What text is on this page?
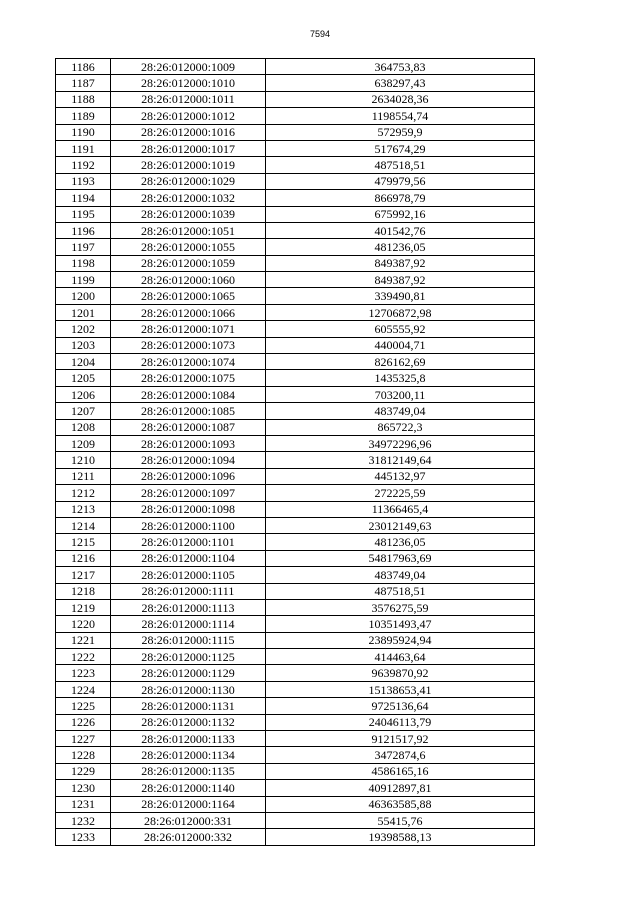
7594
1186	28:26:012000:1009	364753,83
1187	28:26:012000:1010	638297,43
1188	28:26:012000:1011	2634028,36
1189	28:26:012000:1012	1198554,74
1190	28:26:012000:1016	572959,9
1191	28:26:012000:1017	517674,29
1192	28:26:012000:1019	487518,51
1193	28:26:012000:1029	479979,56
1194	28:26:012000:1032	866978,79
1195	28:26:012000:1039	675992,16
1196	28:26:012000:1051	401542,76
1197	28:26:012000:1055	481236,05
1198	28:26:012000:1059	849387,92
1199	28:26:012000:1060	849387,92
1200	28:26:012000:1065	339490,81
1201	28:26:012000:1066	12706872,98
1202	28:26:012000:1071	605555,92
1203	28:26:012000:1073	440004,71
1204	28:26:012000:1074	826162,69
1205	28:26:012000:1075	1435325,8
1206	28:26:012000:1084	703200,11
1207	28:26:012000:1085	483749,04
1208	28:26:012000:1087	865722,3
1209	28:26:012000:1093	34972296,96
1210	28:26:012000:1094	31812149,64
1211	28:26:012000:1096	445132,97
1212	28:26:012000:1097	272225,59
1213	28:26:012000:1098	11366465,4
1214	28:26:012000:1100	23012149,63
1215	28:26:012000:1101	481236,05
1216	28:26:012000:1104	54817963,69
1217	28:26:012000:1105	483749,04
1218	28:26:012000:1111	487518,51
1219	28:26:012000:1113	3576275,59
1220	28:26:012000:1114	10351493,47
1221	28:26:012000:1115	23895924,94
1222	28:26:012000:1125	414463,64
1223	28:26:012000:1129	9639870,92
1224	28:26:012000:1130	15138653,41
1225	28:26:012000:1131	9725136,64
1226	28:26:012000:1132	24046113,79
1227	28:26:012000:1133	9121517,92
1228	28:26:012000:1134	3472874,6
1229	28:26:012000:1135	4586165,16
1230	28:26:012000:1140	40912897,81
1231	28:26:012000:1164	46363585,88
1232	28:26:012000:331	55415,76
1233	28:26:012000:332	19398588,13
